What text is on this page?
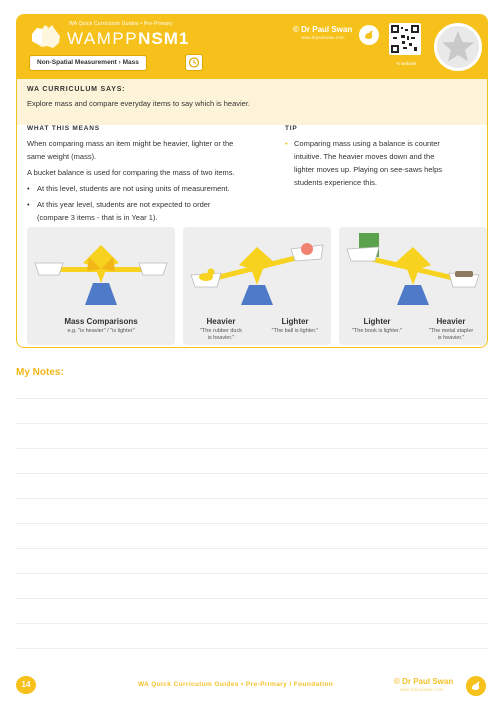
WA Quick Curriculum Guides • Pre-Primary
WAMPPNSM1	© Dr Paul Swan
www.drpaulswan.com
⊲ website
Non-Spatial Measurement › Mass
WA CURRICULUM SAYS:
Explore mass and compare everyday items to say which is heavier.
WHAT THIS MEANS
When comparing mass an item might be heavier, lighter or the
same weight (mass).
A bucket balance is used for comparing the mass of two items.
• At this level, students are not using units of measurement.
• At this year level, students are not expected to order
(compare 3 items - that is in Year 1).
TIP
• Comparing mass using a balance is counter
intuitive. The heavier moves down and the
lighter moves up. Playing on see-saws helps
students experience this.
Mass Comparisons
e.g. "is heavier" / "is lighter"
Heavier
"The rubber duck
is heavier."
Lighter
"The ball is lighter."
Lighter
"The book is lighter."
Heavier
"The metal stapler
is heavier."
My Notes:
14	WA Quick Curriculum Guides • Pre-Primary / Foundation	© Dr Paul Swan
www.drpaulswan.com
